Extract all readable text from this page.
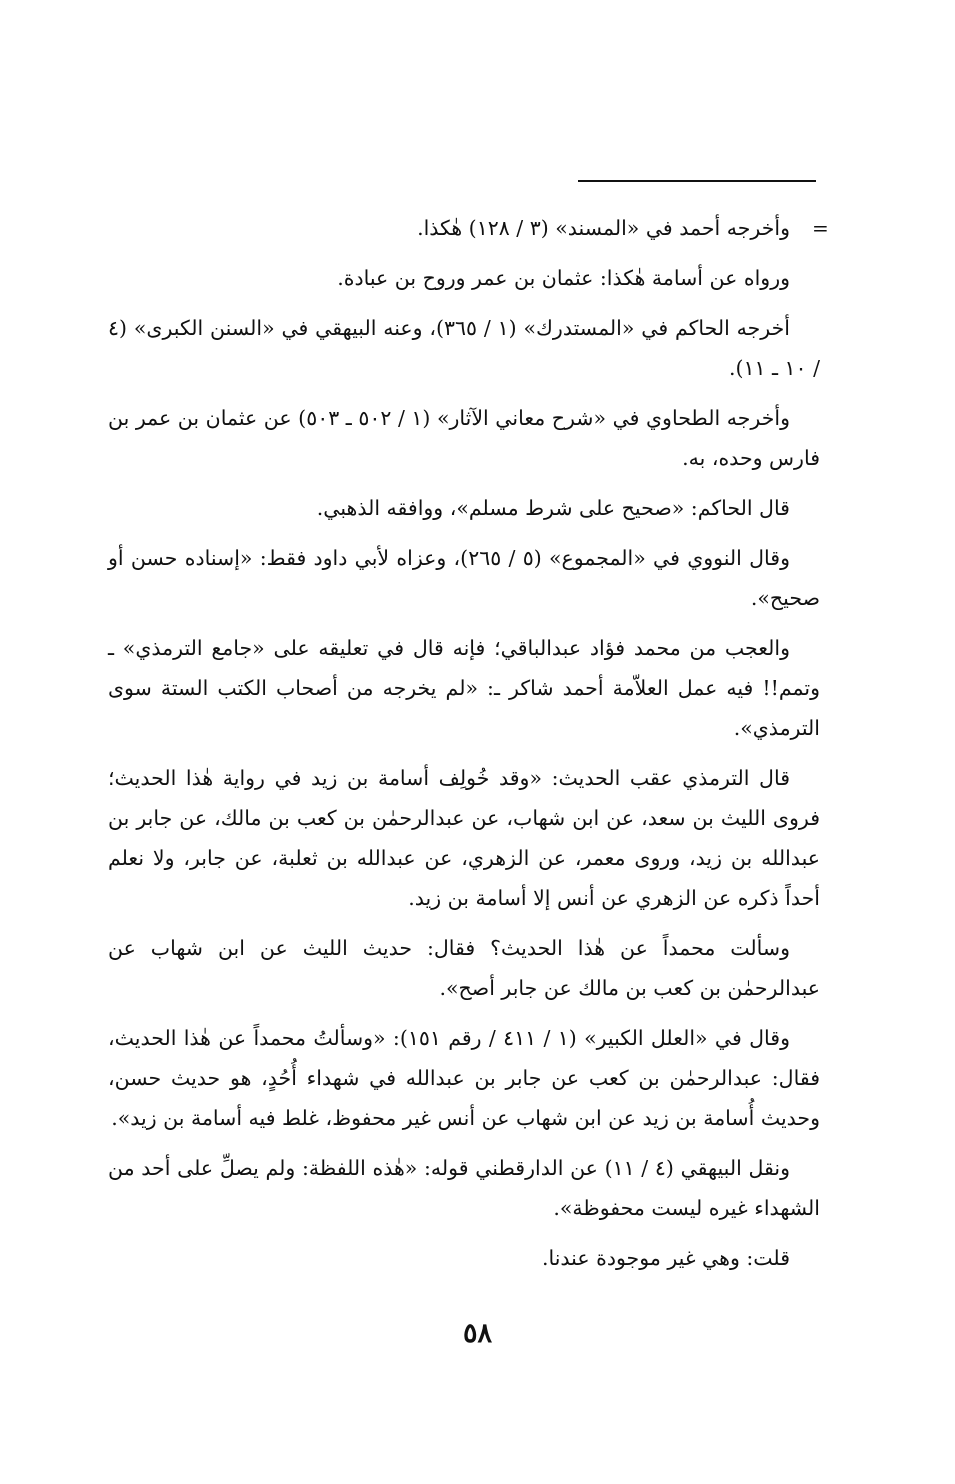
=

وأخرجه أحمد في «المسند» (٣ / ١٢٨) هٰكذا.

ورواه عن أسامة هٰكذا: عثمان بن عمر وروح بن عبادة.

أخرجه الحاكم في «المستدرك» (١ / ٣٦٥)، وعنه البيهقي في «السنن الكبرى» (٤ / ١٠ ـ ١١).

وأخرجه الطحاوي في «شرح معاني الآثار» (١ / ٥٠٢ ـ ٥٠٣) عن عثمان بن عمر بن فارس وحده، به.

قال الحاكم: «صحيح على شرط مسلم»، ووافقه الذهبي.

وقال النووي في «المجموع» (٥ / ٢٦٥)، وعزاه لأبي داود فقط: «إسناده حسن أو صحيح».

والعجب من محمد فؤاد عبدالباقي؛ فإنه قال في تعليقه على «جامع الترمذي» ـ وتمم!! فيه عمل العلاّمة أحمد شاكر ـ: «لم يخرجه من أصحاب الكتب الستة سوى الترمذي».

قال الترمذي عقب الحديث: «وقد خُولِف أسامة بن زيد في رواية هٰذا الحديث؛ فروى الليث بن سعد، عن ابن شهاب، عن عبدالرحمٰن بن كعب بن مالك، عن جابر بن عبدالله بن زيد، وروى معمر، عن الزهري، عن عبدالله بن ثعلبة، عن جابر، ولا نعلم أحداً ذكره عن الزهري عن أنس إلا أسامة بن زيد.

وسألت محمداً عن هٰذا الحديث؟ فقال: حديث الليث عن ابن شهاب عن عبدالرحمٰن بن كعب بن مالك عن جابر أصح».

وقال في «العلل الكبير» (١ / ٤١١ / رقم ١٥١): «وسألتُ محمداً عن هٰذا الحديث، فقال: عبدالرحمٰن بن كعب عن جابر بن عبدالله في شهداء أُحُدٍ، هو حديث حسن، وحديث أُسامة بن زيد عن ابن شهاب عن أنس غير محفوظ، غلط فيه أسامة بن زيد».

ونقل البيهقي (٤ / ١١) عن الدارقطني قوله: «هٰذه اللفظة: ولم يصلِّ على أحد من الشهداء غيره ليست محفوظة».

قلت: وهي غير موجودة عندنا.

٥٨
